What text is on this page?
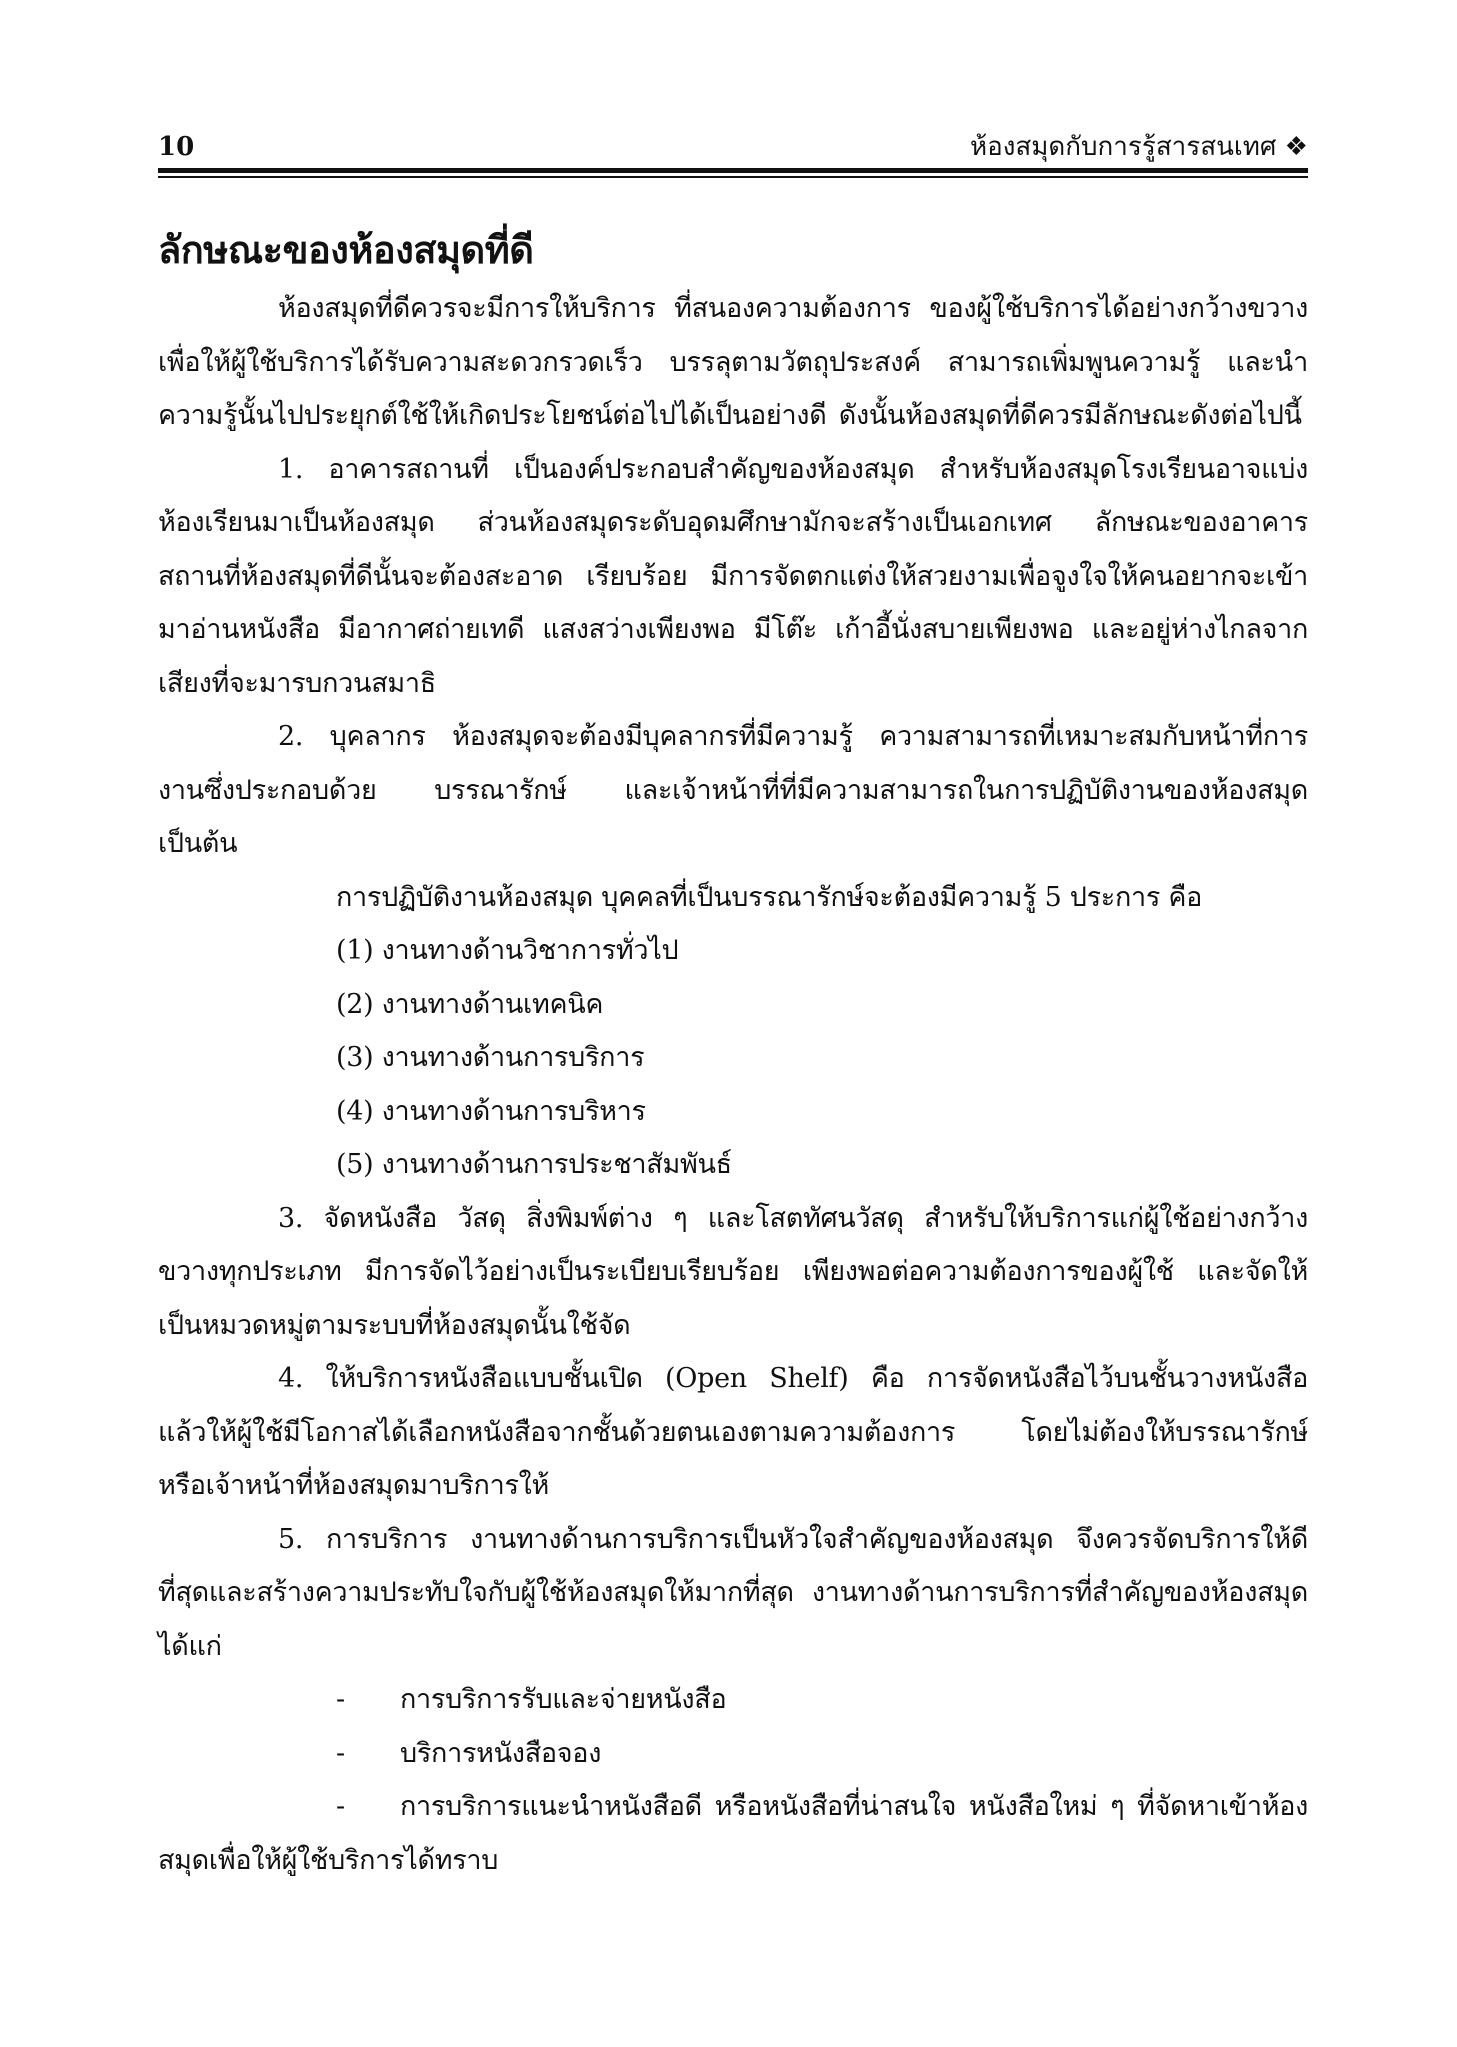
10	ห้องสมุดกับการรู้สารสนเทศ ❖
ลักษณะของห้องสมุดที่ดี

ห้องสมุดที่ดีควรจะมีการให้บริการ ที่สนองความต้องการ ของผู้ใช้บริการได้อย่างกว้างขวาง เพื่อให้ผู้ใช้บริการได้รับความสะดวกรวดเร็ว บรรลุตามวัตถุประสงค์ สามารถเพิ่มพูนความรู้ และนำความรู้นั้นไปประยุกต์ใช้ให้เกิดประโยชน์ต่อไปได้เป็นอย่างดี ดังนั้นห้องสมุดที่ดีควรมีลักษณะดังต่อไปนี้

1. อาคารสถานที่ เป็นองค์ประกอบสำคัญของห้องสมุด สำหรับห้องสมุดโรงเรียนอาจแบ่งห้องเรียนมาเป็นห้องสมุด ส่วนห้องสมุดระดับอุดมศึกษามักจะสร้างเป็นเอกเทศ ลักษณะของอาคารสถานที่ห้องสมุดที่ดีนั้นจะต้องสะอาด เรียบร้อย มีการจัดตกแต่งให้สวยงามเพื่อจูงใจให้คนอยากจะเข้ามาอ่านหนังสือ มีอากาศถ่ายเทดี แสงสว่างเพียงพอ มีโต๊ะ เก้าอี้นั่งสบายเพียงพอ และอยู่ห่างไกลจากเสียงที่จะมารบกวนสมาธิ

2. บุคลากร ห้องสมุดจะต้องมีบุคลากรที่มีความรู้ ความสามารถที่เหมาะสมกับหน้าที่การงานซึ่งประกอบด้วย บรรณารักษ์ และเจ้าหน้าที่ที่มีความสามารถในการปฏิบัติงานของห้องสมุด เป็นต้น

การปฏิบัติงานห้องสมุด บุคคลที่เป็นบรรณารักษ์จะต้องมีความรู้ 5 ประการ คือ

(1) งานทางด้านวิชาการทั่วไป

(2) งานทางด้านเทคนิค

(3) งานทางด้านการบริการ

(4) งานทางด้านการบริหาร

(5) งานทางด้านการประชาสัมพันธ์

3. จัดหนังสือ วัสดุ สิ่งพิมพ์ต่าง ๆ และโสตทัศนวัสดุ สำหรับให้บริการแก่ผู้ใช้อย่างกว้างขวางทุกประเภท มีการจัดไว้อย่างเป็นระเบียบเรียบร้อย เพียงพอต่อความต้องการของผู้ใช้ และจัดให้เป็นหมวดหมู่ตามระบบที่ห้องสมุดนั้นใช้จัด

4. ให้บริการหนังสือแบบชั้นเปิด (Open Shelf) คือ การจัดหนังสือไว้บนชั้นวางหนังสือ แล้วให้ผู้ใช้มีโอกาสได้เลือกหนังสือจากชั้นด้วยตนเองตามความต้องการ โดยไม่ต้องให้บรรณารักษ์ หรือเจ้าหน้าที่ห้องสมุดมาบริการให้

5. การบริการ งานทางด้านการบริการเป็นหัวใจสำคัญของห้องสมุด จึงควรจัดบริการให้ดีที่สุดและสร้างความประทับใจกับผู้ใช้ห้องสมุดให้มากที่สุด งานทางด้านการบริการที่สำคัญของห้องสมุด ได้แก่

- การบริการรับและจ่ายหนังสือ

- บริการหนังสือจอง

- การบริการแนะนำหนังสือดี หรือหนังสือที่น่าสนใจ หนังสือใหม่ ๆ ที่จัดหาเข้าห้องสมุดเพื่อให้ผู้ใช้บริการได้ทราบ
